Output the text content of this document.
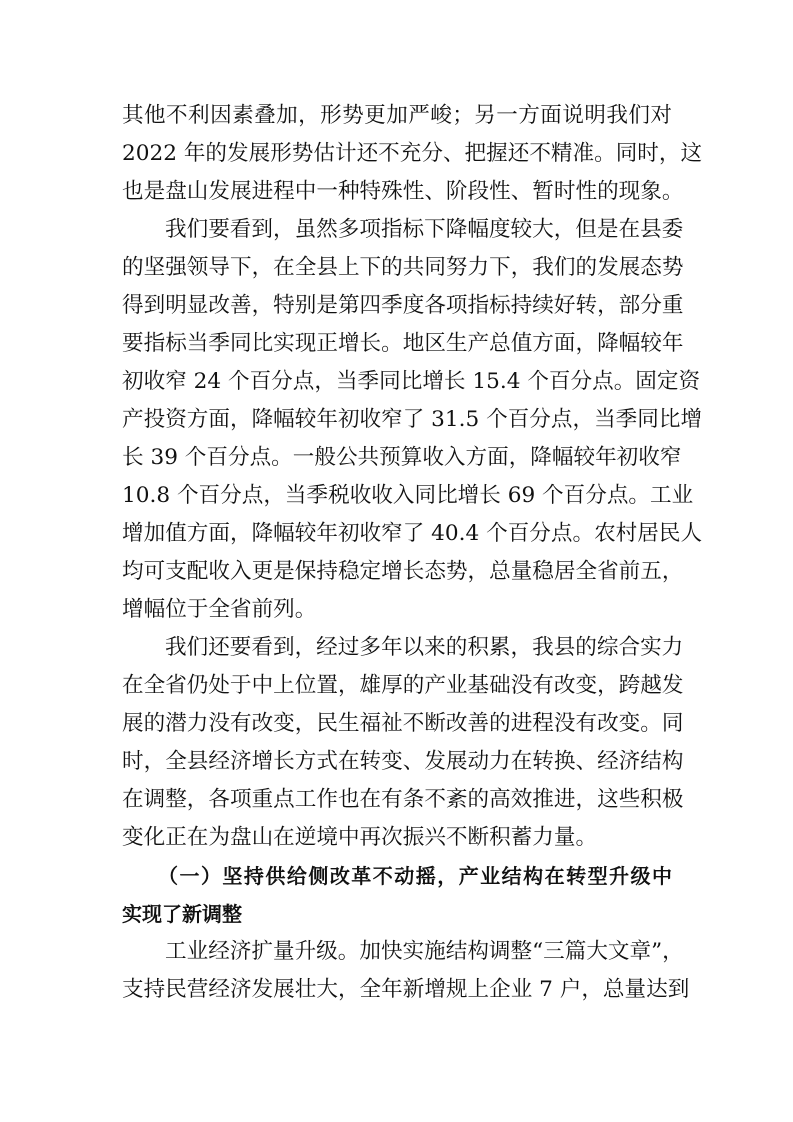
其他不利因素叠加，形势更加严峻；另一方面说明我们对
2022 年的发展形势估计还不充分、把握还不精准。同时，这
也是盘山发展进程中一种特殊性、阶段性、暂时性的现象。
我们要看到，虽然多项指标下降幅度较大，但是在县委
的坚强领导下，在全县上下的共同努力下，我们的发展态势
得到明显改善，特别是第四季度各项指标持续好转，部分重
要指标当季同比实现正增长。地区生产总值方面，降幅较年
初收窄 24 个百分点，当季同比增长 15.4 个百分点。固定资
产投资方面，降幅较年初收窄了 31.5 个百分点，当季同比增
长 39 个百分点。一般公共预算收入方面，降幅较年初收窄
10.8 个百分点，当季税收收入同比增长 69 个百分点。工业
增加值方面，降幅较年初收窄了 40.4 个百分点。农村居民人
均可支配收入更是保持稳定增长态势，总量稳居全省前五，
增幅位于全省前列。
我们还要看到，经过多年以来的积累，我县的综合实力
在全省仍处于中上位置，雄厚的产业基础没有改变，跨越发
展的潜力没有改变，民生福祉不断改善的进程没有改变。同
时，全县经济增长方式在转变、发展动力在转换、经济结构
在调整，各项重点工作也在有条不紊的高效推进，这些积极
变化正在为盘山在逆境中再次振兴不断积蓄力量。
（一）坚持供给侧改革不动摇，产业结构在转型升级中
实现了新调整
工业经济扩量升级。加快实施结构调整“三篇大文章”，
支持民营经济发展壮大，全年新增规上企业 7 户，总量达到
